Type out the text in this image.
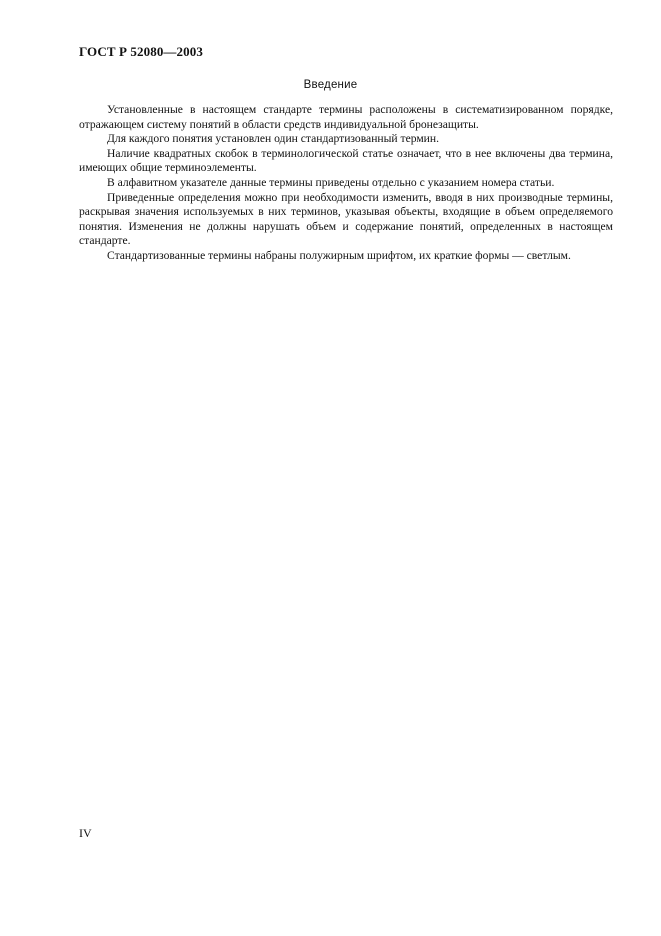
ГОСТ Р 52080—2003
Введение

Установленные в настоящем стандарте термины расположены в систематизированном порядке, отражающем систему понятий в области средств индивидуальной бронезащиты.

Для каждого понятия установлен один стандартизованный термин.

Наличие квадратных скобок в терминологической статье означает, что в нее включены два термина, имеющих общие терминоэлементы.

В алфавитном указателе данные термины приведены отдельно с указанием номера статьи.

Приведенные определения можно при необходимости изменить, вводя в них производные термины, раскрывая значения используемых в них терминов, указывая объекты, входящие в объем определяемого понятия. Изменения не должны нарушать объем и содержание понятий, определенных в настоящем стандарте.

Стандартизованные термины набраны полужирным шрифтом, их краткие формы — светлым.

IV
